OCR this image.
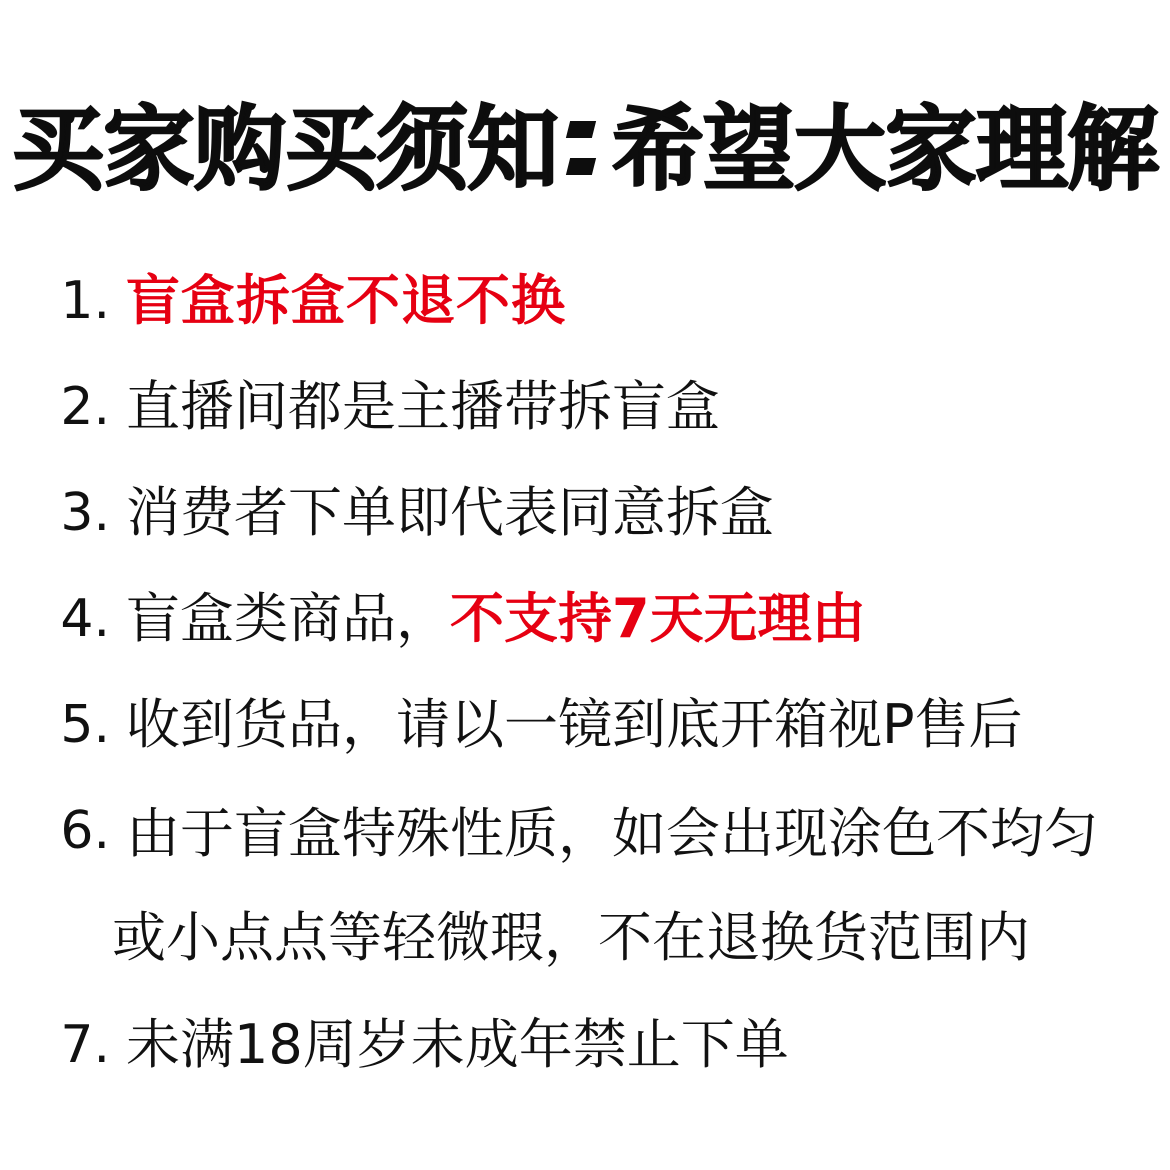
买家购买须知 希望大家理解
1. 盲盒拆盒不退不换
2. 直播间都是主播带拆盲盒
3. 消费者下单即代表同意拆盒
4. 盲盒类商品，不支持7天无理由
5. 收到货品，请以一镜到底开箱视P售后
6. 由于盲盒特殊性质，如会出现涂色不均匀
或小点点等轻微瑕，不在退换货范围内
7. 未满18周岁未成年禁止下单
